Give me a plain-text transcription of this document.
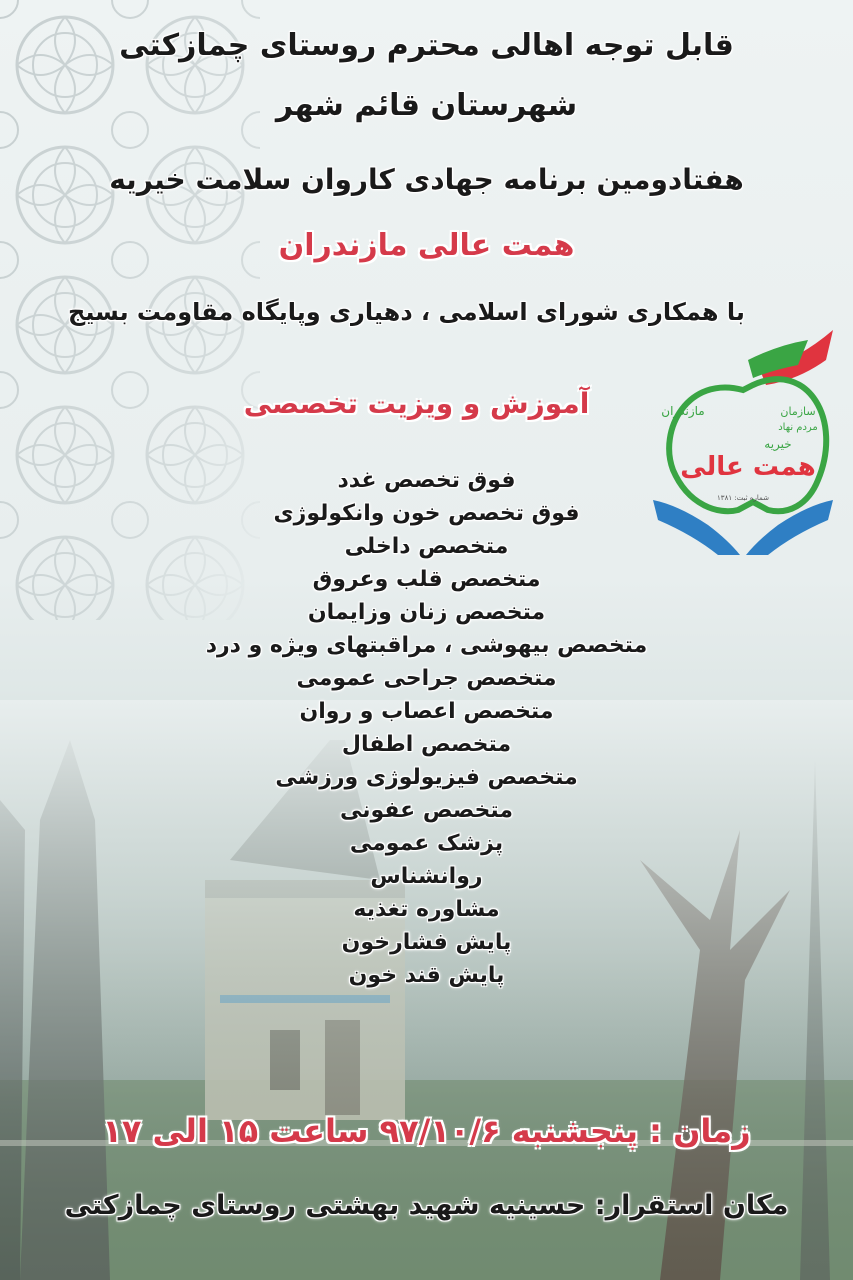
سازمان
مردم نهاد
خیریه
همت عالی
مازندران
شماره ثبت: ۱۳۸۱
قابل توجه اهالی محترم روستای چمازکتی
شهرستان قائم شهر
هفتادومین برنامه جهادی کاروان سلامت خیریه
همت عالی مازندران
با همکاری شورای اسلامی ، دهیاری وپایگاه مقاومت بسیج
آموزش و ویزیت تخصصی
فوق تخصص غدد
فوق تخصص خون وانکولوژی
متخصص داخلی
متخصص قلب وعروق
متخصص زنان وزایمان
متخصص بیهوشی ، مراقبتهای ویژه و درد
متخصص جراحی عمومی
متخصص اعصاب و روان
متخصص اطفال
متخصص فیزیولوژی ورزشی
متخصص عفونی
پزشک عمومی
روانشناس
مشاوره تغذیه
پایش فشارخون
پایش قند خون
زمان : پنجشنبه ۹۷/۱۰/۶ ساعت ۱۵ الی ۱۷
مکان استقرار: حسینیه شهید بهشتی روستای چمازکتی
